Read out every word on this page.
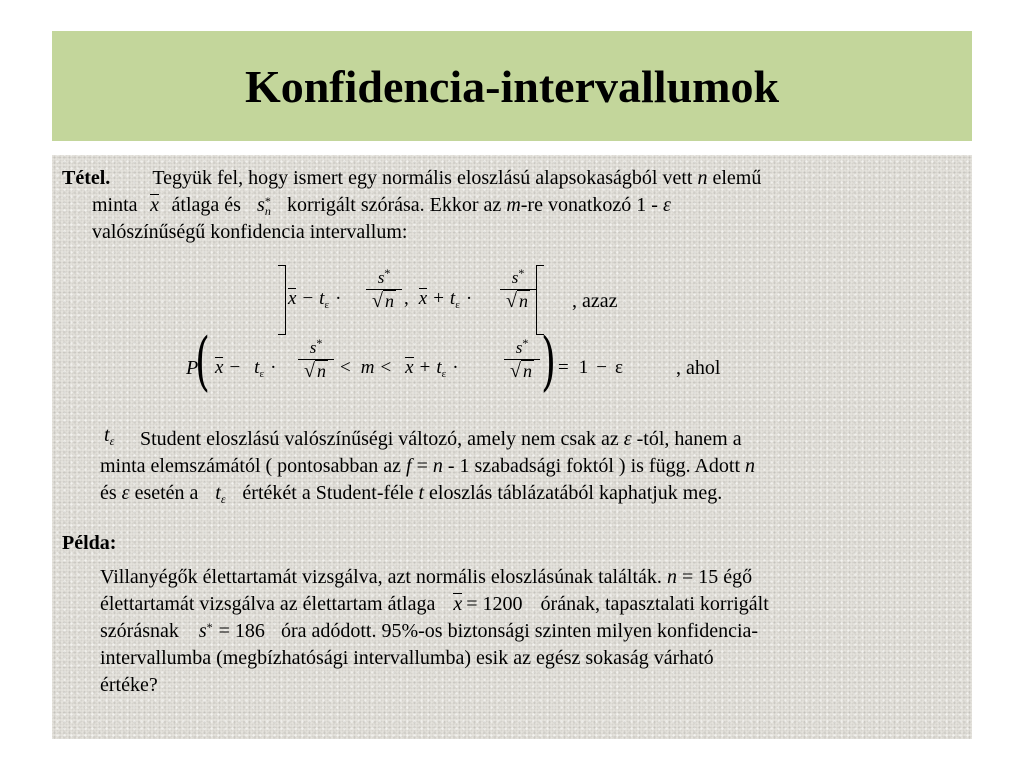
Konfidencia-intervallumok
Tétel. Tegyük fel, hogy ismert egy normális eloszlású alapsokaságból vett n elemű
minta x átlaga és $s^*_n$ korrigált szórása. Ekkor az m-re vonatkozó 1 - ε
valószínűségű konfidencia intervallum:
$x - t_\varepsilon$ ·
s*
√ n , $x + t_\varepsilon$ ·
s*
√ n , azaz
P
(	)
$x - t_\varepsilon$ ·
s*
√ $n < m < x + t_\varepsilon$ ·
s*
√ n = 1 − ε	, ahol
$t_\varepsilon$ Student eloszlású valószínűségi változó, amely nem csak az ε -tól, hanem a
minta elemszámától ( pontosabban az f = n - 1 szabadsági foktól ) is függ. Adott n
és ε esetén a $t_\varepsilon$ értékét a Student-féle t eloszlás táblázatából kaphatjuk meg.
Példa:
Villanyégők élettartamát vizsgálva, azt normális eloszlásúnak találták. n = 15 égő
élettartamát vizsgálva az élettartam átlaga x = 1200 órának, tapasztalati korrigált
szórásnak s* = 186 óra adódott. 95%-os biztonsági szinten milyen konfidencia-
intervallumba (megbízhatósági intervallumba) esik az egész sokaság várható
értéke?
